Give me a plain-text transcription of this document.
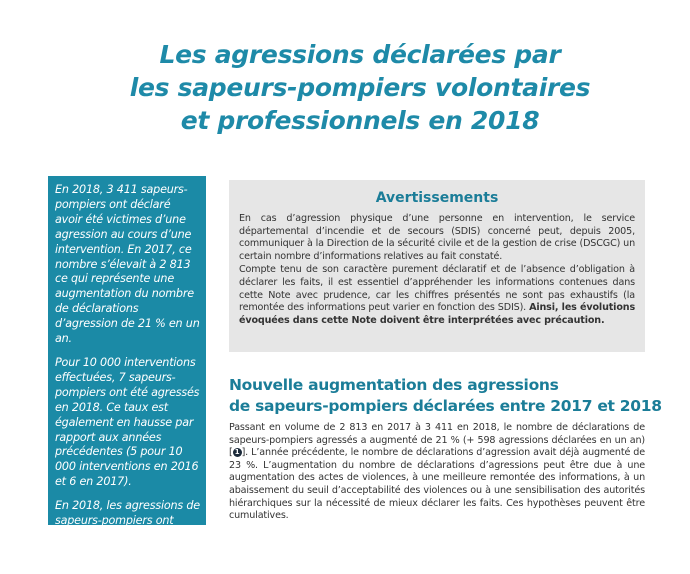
Les agressions déclarées par
les sapeurs-pompiers volontaires
et professionnels en 2018

En 2018, 3 411 sapeurs-pompiers ont déclaré avoir été victimes d’une agression au cours d’une intervention. En 2017, ce nombre s’élevait à 2 813 ce qui représente une augmentation du nombre de déclarations d’agression de 21 % en un an.

Pour 10 000 interventions effectuées, 7 sapeurs-pompiers ont été agressés en 2018. Ce taux est également en hausse par rapport aux années précédentes (5 pour 10 000 interventions en 2016 et 6 en 2017).

En 2018, les agressions de sapeurs-pompiers ont donné lieu à 1 424 journées d’arrêt de travail. Ce nombre est en

Avertissements

En cas d’agression physique d’une personne en intervention, le service départemental d’incendie et de secours (SDIS) concerné peut, depuis 2005, communiquer à la Direction de la sécurité civile et de la gestion de crise (DSCGC) un certain nombre d’informations relatives au fait constaté.

Compte tenu de son caractère purement déclaratif et de l’absence d’obligation à déclarer les faits, il est essentiel d’appréhender les informations contenues dans cette Note avec prudence, car les chiffres présentés ne sont pas exhaustifs (la remontée des informations peut varier en fonction des SDIS). Ainsi, les évolutions évoquées dans cette Note doivent être interprétées avec précaution.

Nouvelle augmentation des agressions
de sapeurs-pompiers déclarées entre 2017 et 2018

Passant en volume de 2 813 en 2017 à 3 411 en 2018, le nombre de déclarations de sapeurs-pompiers agressés a augmenté de 21 % (+ 598 agressions déclarées en un an) [ 1 ]. L’année précédente, le nombre de déclarations d’agression avait déjà augmenté de 23 %. L’augmentation du nombre de déclarations d’agressions peut être due à une augmentation des actes de violences, à une meilleure remontée des informations, à un abaissement du seuil d’acceptabilité des violences ou à une sensibilisation des autorités hiérarchiques sur la nécessité de mieux déclarer les faits. Ces hypothèses peuvent être cumulatives.
